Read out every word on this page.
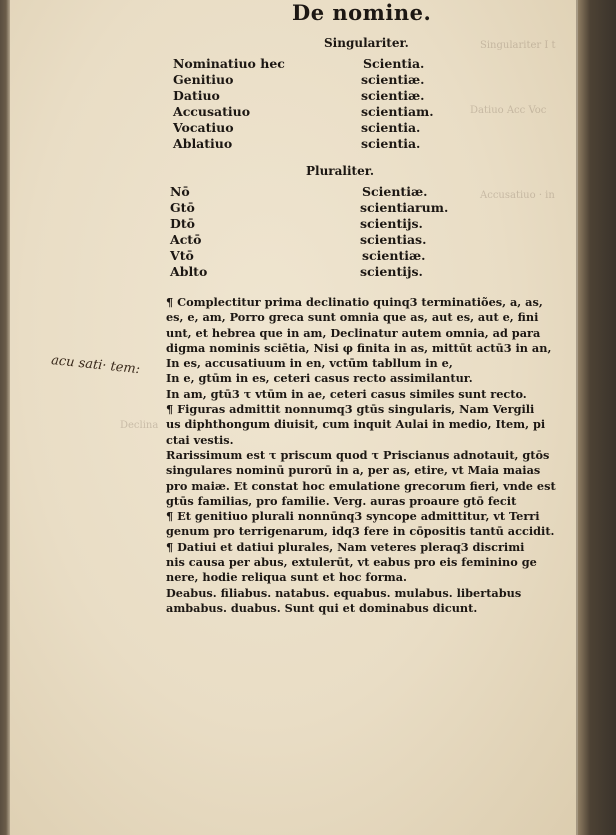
Singulariter I t
Datiuo Acc Voc
Accusatiuo · in
Declina
De nomine.
Singulariter.
Nominatiuo hec	Scientia.
Genitiuo	scientiæ.
Datiuo	scientiæ.
Accusatiuo	scientiam.
Vocatiuo	scientia.
Ablatiuo	scientia.
Pluraliter.
Nō	Scientiæ.
Gtō	scientiarum.
Dtō	scientijs.
Actō	scientias.
Vtō	scientiæ.
Ablto	scientijs.
acu sati· tem:

¶ Complectitur prima declinatio quinq3 terminatiões, a, as,

es, e, am, Porro greca sunt omnia que as, aut es, aut e, fini

unt, et hebrea que in am, Declinatur autem omnia, ad para

digma nominis sciētia, Nisi φ finita in as, mittūt actū3 in an,

In es, accusatiuum in en, vctūm tabllum in e,

In e, gtūm in es, ceteri casus recto assimilantur.

In am, gtū3 τ vtūm in ae, ceteri casus similes sunt recto.

¶ Figuras admittit nonnumq3 gtūs singularis, Nam Vergili

us diphthongum diuisit, cum inquit Aulai in medio, Item, pi

ctai vestis.

Rarissimum est τ priscum quod τ Priscianus adnotauit, gtōs

singulares nominū purorū in a, per as, etire, vt Maia maias

pro maiæ. Et constat hoc emulatione grecorum fieri, vnde est

gtūs familias, pro familie. Verg. auras proaure gtō fecit

¶ Et genitiuo plurali nonnūnq3 syncope admittitur, vt Terri

genum pro terrigenarum, idq3 fere in cōpositis tantū accidit.

¶ Datiui et datiui plurales, Nam veteres pleraq3 discrimi

nis causa per abus, extulerūt, vt eabus pro eis feminino ge

nere, hodie reliqua sunt et hoc forma.

Deabus. filiabus. natabus. equabus. mulabus. libertabus

ambabus. duabus. Sunt qui et dominabus dicunt.
